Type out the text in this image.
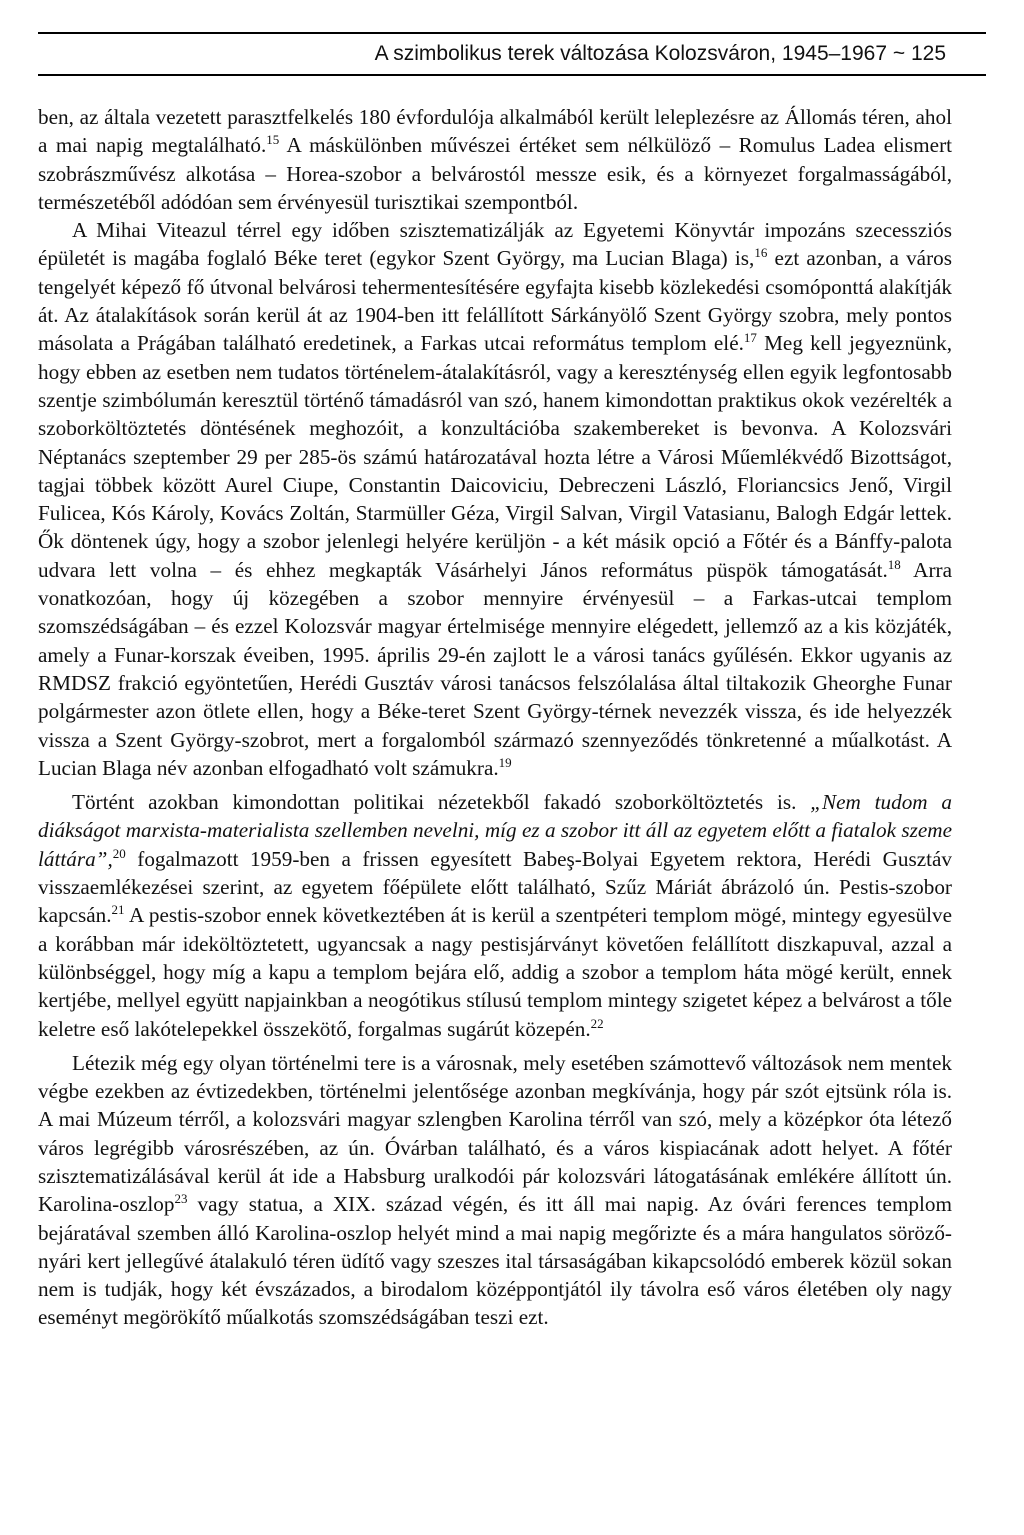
A szimbolikus terek változása Kolozsváron, 1945–1967 ~ 125

ben, az általa vezetett parasztfelkelés 180 évfordulója alkalmából került leleplezésre az Állomás téren, ahol a mai napig megtalálható.$^{15}$ A máskülönben művészei értéket sem nélkülöző – Romulus Ladea elismert szobrászművész alkotása – Horea-szobor a belvárostól messze esik, és a környezet forgalmasságából, természetéből adódóan sem érvényesül turisztikai szempontból.

A Mihai Viteazul térrel egy időben szisztematizálják az Egyetemi Könyvtár impozáns szecessziós épületét is magába foglaló Béke teret (egykor Szent György, ma Lucian Blaga) is,$^{16}$ ezt azonban, a város tengelyét képező fő útvonal belvárosi tehermentesítésére egyfajta kisebb közlekedési csomóponttá alakítják át. Az átalakítások során kerül át az 1904-ben itt felállított Sárkányölő Szent György szobra, mely pontos másolata a Prágában található eredetinek, a Farkas utcai református templom elé.$^{17}$ Meg kell jegyeznünk, hogy ebben az esetben nem tudatos történelem-átalakításról, vagy a kereszténység ellen egyik legfontosabb szentje szimbólumán keresztül történő támadásról van szó, hanem kimondottan praktikus okok vezérelték a szoborköltöztetés döntésének meghozóit, a konzultációba szakembereket is bevonva. A Kolozsvári Néptanács szeptember 29 per 285-ös számú határozatával hozta létre a Városi Műemlékvédő Bizottságot, tagjai többek között Aurel Ciupe, Constantin Daicoviciu, Debreczeni László, Floriancsics Jenő, Virgil Fulicea, Kós Károly, Kovács Zoltán, Starmüller Géza, Virgil Salvan, Virgil Vatasianu, Balogh Edgár lettek. Ők döntenek úgy, hogy a szobor jelenlegi helyére kerüljön - a két másik opció a Főtér és a Bánffy-palota udvara lett volna – és ehhez megkapták Vásárhelyi János református püspök támogatását.$^{18}$ Arra vonatkozóan, hogy új közegében a szobor mennyire érvényesül – a Farkas-utcai templom szomszédságában – és ezzel Kolozsvár magyar értelmisége mennyire elégedett, jellemző az a kis közjáték, amely a Funar-korszak éveiben, 1995. április 29-én zajlott le a városi tanács gyűlésén. Ekkor ugyanis az RMDSZ frakció egyöntetűen, Herédi Gusztáv városi tanácsos felszólalása által tiltakozik Gheorghe Funar polgármester azon ötlete ellen, hogy a Béke-teret Szent György-térnek nevezzék vissza, és ide helyezzék vissza a Szent György-szobrot, mert a forgalomból származó szennyeződés tönkretenné a műalkotást. A Lucian Blaga név azonban elfogadható volt számukra.$^{19}$

Történt azokban kimondottan politikai nézetekből fakadó szoborköltöztetés is. „Nem tudom a diákságot marxista-materialista szellemben nevelni, míg ez a szobor itt áll az egyetem előtt a fiatalok szeme láttára”,$^{20}$ fogalmazott 1959-ben a frissen egyesített Babeş-Bolyai Egyetem rektora, Herédi Gusztáv visszaemlékezései szerint, az egyetem főépülete előtt található, Szűz Máriát ábrázoló ún. Pestis-szobor kapcsán.$^{21}$ A pestis-szobor ennek következtében át is kerül a szentpéteri templom mögé, mintegy egyesülve a korábban már ideköltöztetett, ugyancsak a nagy pestisjárványt követően felállított diszkapuval, azzal a különbséggel, hogy míg a kapu a templom bejára elő, addig a szobor a templom háta mögé került, ennek kertjébe, mellyel együtt napjainkban a neogótikus stílusú templom mintegy szigetet képez a belvárost a tőle keletre eső lakótelepekkel összekötő, forgalmas sugárút közepén.$^{22}$

Létezik még egy olyan történelmi tere is a városnak, mely esetében számottevő változások nem mentek végbe ezekben az évtizedekben, történelmi jelentősége azonban megkívánja, hogy pár szót ejtsünk róla is. A mai Múzeum térről, a kolozsvári magyar szlengben Karolina térről van szó, mely a középkor óta létező város legrégibb városrészében, az ún. Óvárban található, és a város kispiacának adott helyet. A főtér szisztematizálásával kerül át ide a Habsburg uralkodói pár kolozsvári látogatásának emlékére állított ún. Karolina-oszlop$^{23}$ vagy statua, a XIX. század végén, és itt áll mai napig. Az óvári ferences templom bejáratával szemben álló Karolina-oszlop helyét mind a mai napig megőrizte és a mára hangulatos söröző-nyári kert jellegűvé átalakuló téren üdítő vagy szeszes ital társaságában kikapcsolódó emberek közül sokan nem is tudják, hogy két évszázados, a birodalom középpontjától ily távolra eső város életében oly nagy eseményt megörökítő műalkotás szomszédságában teszi ezt.
